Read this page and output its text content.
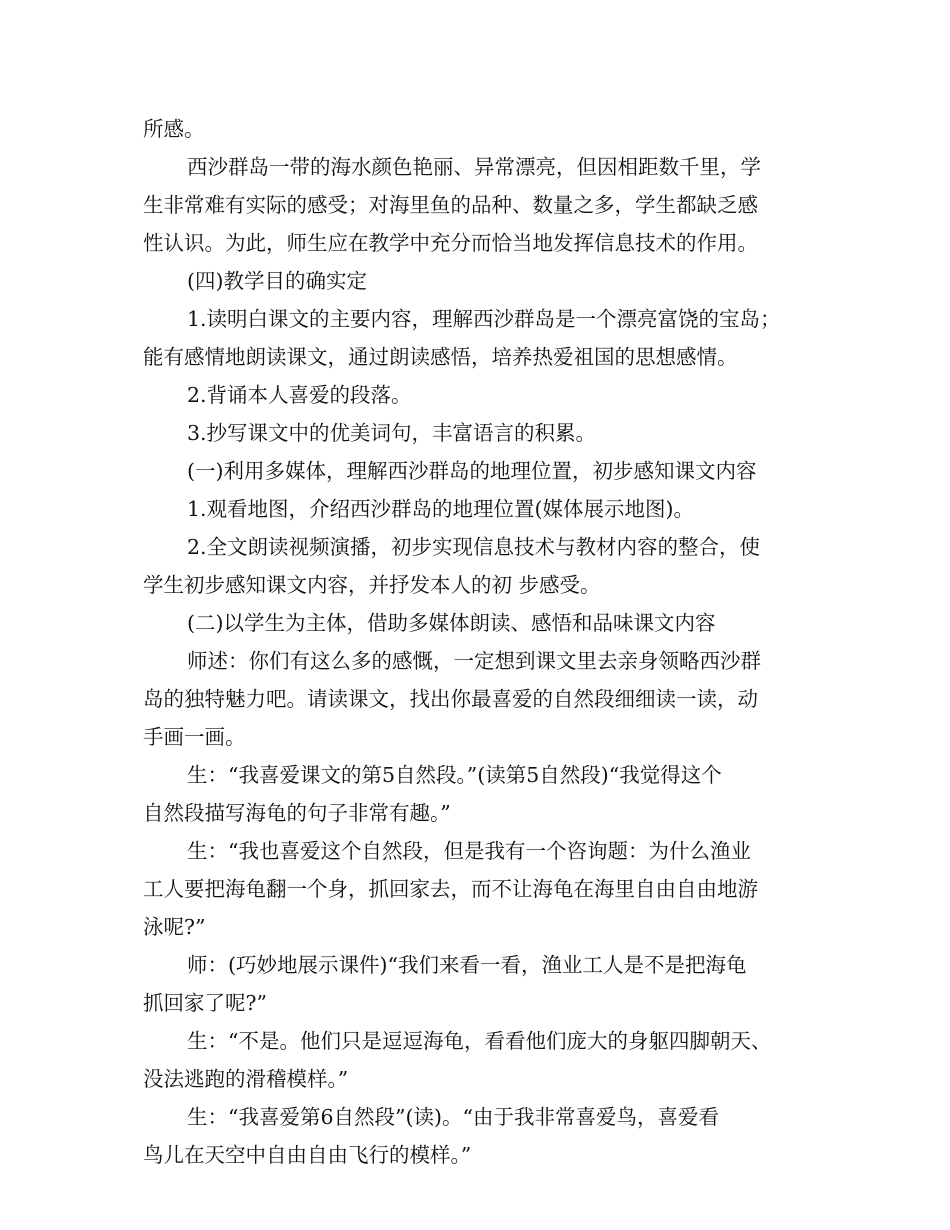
所感。
西沙群岛一带的海水颜色艳丽、异常漂亮，但因相距数千里，学
生非常难有实际的感受；对海里鱼的品种、数量之多，学生都缺乏感
性认识。为此，师生应在教学中充分而恰当地发挥信息技术的作用。
(四)教学目的确实定
1.读明白课文的主要内容，理解西沙群岛是一个漂亮富饶的宝岛；
能有感情地朗读课文，通过朗读感悟，培养热爱祖国的思想感情。
2.背诵本人喜爱的段落。
3.抄写课文中的优美词句，丰富语言的积累。
(一)利用多媒体，理解西沙群岛的地理位置，初步感知课文内容
1.观看地图，介绍西沙群岛的地理位置(媒体展示地图)。
2.全文朗读视频演播，初步实现信息技术与教材内容的整合，使
学生初步感知课文内容，并抒发本人的初 步感受。
(二)以学生为主体，借助多媒体朗读、感悟和品味课文内容
师述：你们有这么多的感慨，一定想到课文里去亲身领略西沙群
岛的独特魅力吧。请读课文，找出你最喜爱的自然段细细读一读，动
手画一画。
生：“我喜爱课文的第5自然段。”(读第5自然段)“我觉得这个
自然段描写海龟的句子非常有趣。”
生：“我也喜爱这个自然段，但是我有一个咨询题：为什么渔业
工人要把海龟翻一个身，抓回家去，而不让海龟在海里自由自由地游
泳呢?”
师：(巧妙地展示课件)“我们来看一看，渔业工人是不是把海龟
抓回家了呢?”
生：“不是。他们只是逗逗海龟，看看他们庞大的身躯四脚朝天、
没法逃跑的滑稽模样。”
生：“我喜爱第6自然段”(读)。“由于我非常喜爱鸟，喜爱看
鸟儿在天空中自由自由飞行的模样。”
